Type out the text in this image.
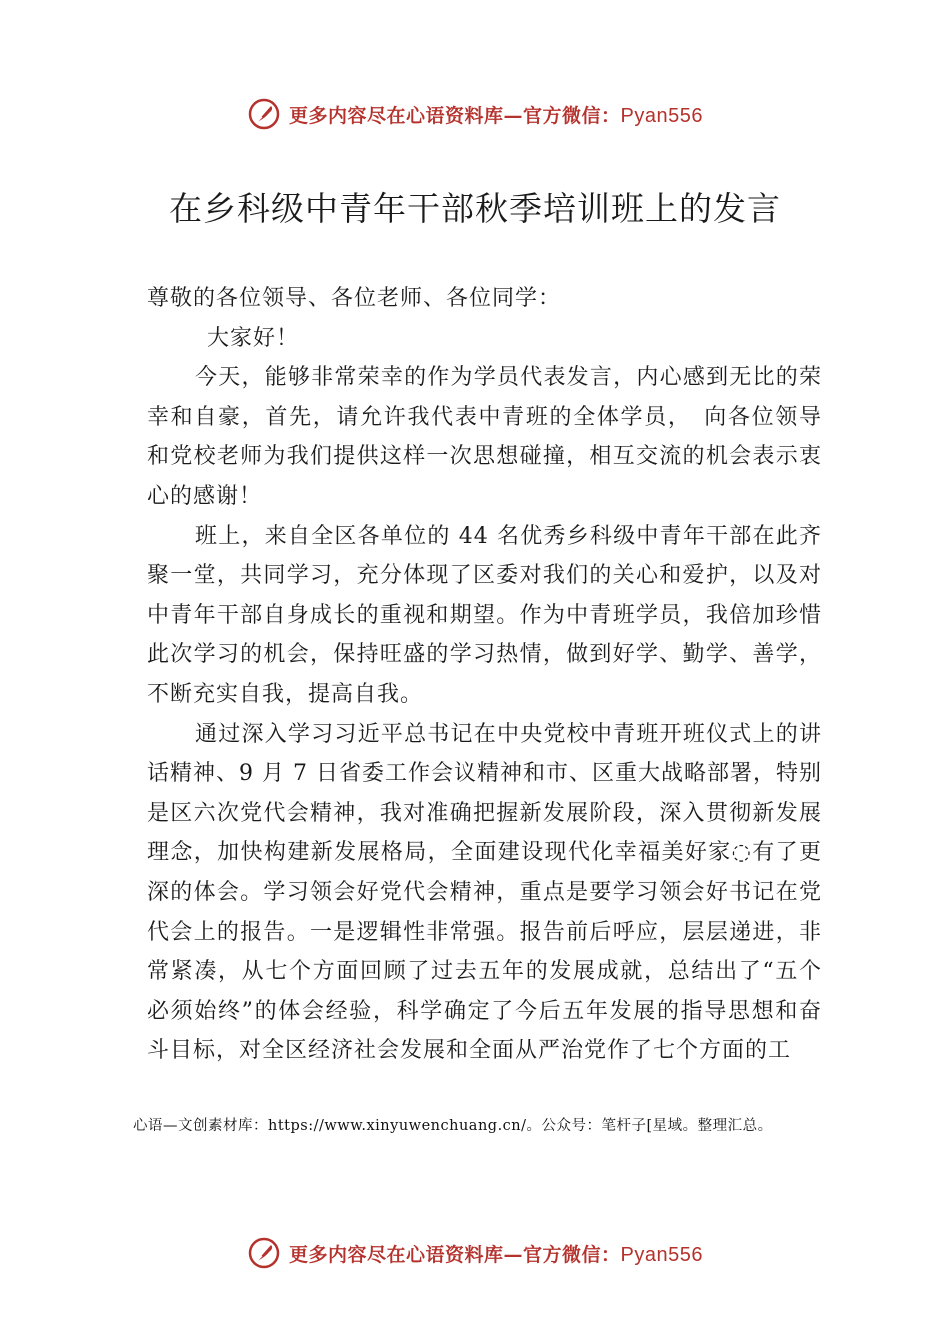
更多内容尽在心语资料库—官方微信：Pyan556
在乡科级中青年干部秋季培训班上的发言

尊敬的各位领导、各位老师、各位同学：

大家好！

今天，能够非常荣幸的作为学员代表发言，内心感到无比的荣幸和自豪，首先，请允许我代表中青班的全体学员，　向各位领导和党校老师为我们提供这样一次思想碰撞，相互交流的机会表示衷心的感谢！

班上，来自全区各单位的 44 名优秀乡科级中青年干部在此齐聚一堂，共同学习，充分体现了区委对我们的关心和爱护，以及对中青年干部自身成长的重视和期望。作为中青班学员，我倍加珍惜此次学习的机会，保持旺盛的学习热情，做到好学、勤学、善学，不断充实自我，提高自我。

通过深入学习习近平总书记在中央党校中青班开班仪式上的讲话精神、9 月 7 日省委工作会议精神和市、区重大战略部署，特别是区六次党代会精神，我对准确把握新发展阶段，深入贯彻新发展理念，加快构建新发展格局，全面建设现代化幸福美好家◌有了更深的体会。学习领会好党代会精神，重点是要学习领会好书记在党代会上的报告。一是逻辑性非常强。报告前后呼应，层层递进，非常紧凑，从七个方面回顾了过去五年的发展成就，总结出了“五个必须始终”的体会经验，科学确定了今后五年发展的指导思想和奋斗目标，对全区经济社会发展和全面从严治党作了七个方面的工

心语—文创素材库：https://www.xinyuwenchuang.cn/。公众号：笔杆子[星域。整理汇总。
更多内容尽在心语资料库—官方微信：Pyan556
